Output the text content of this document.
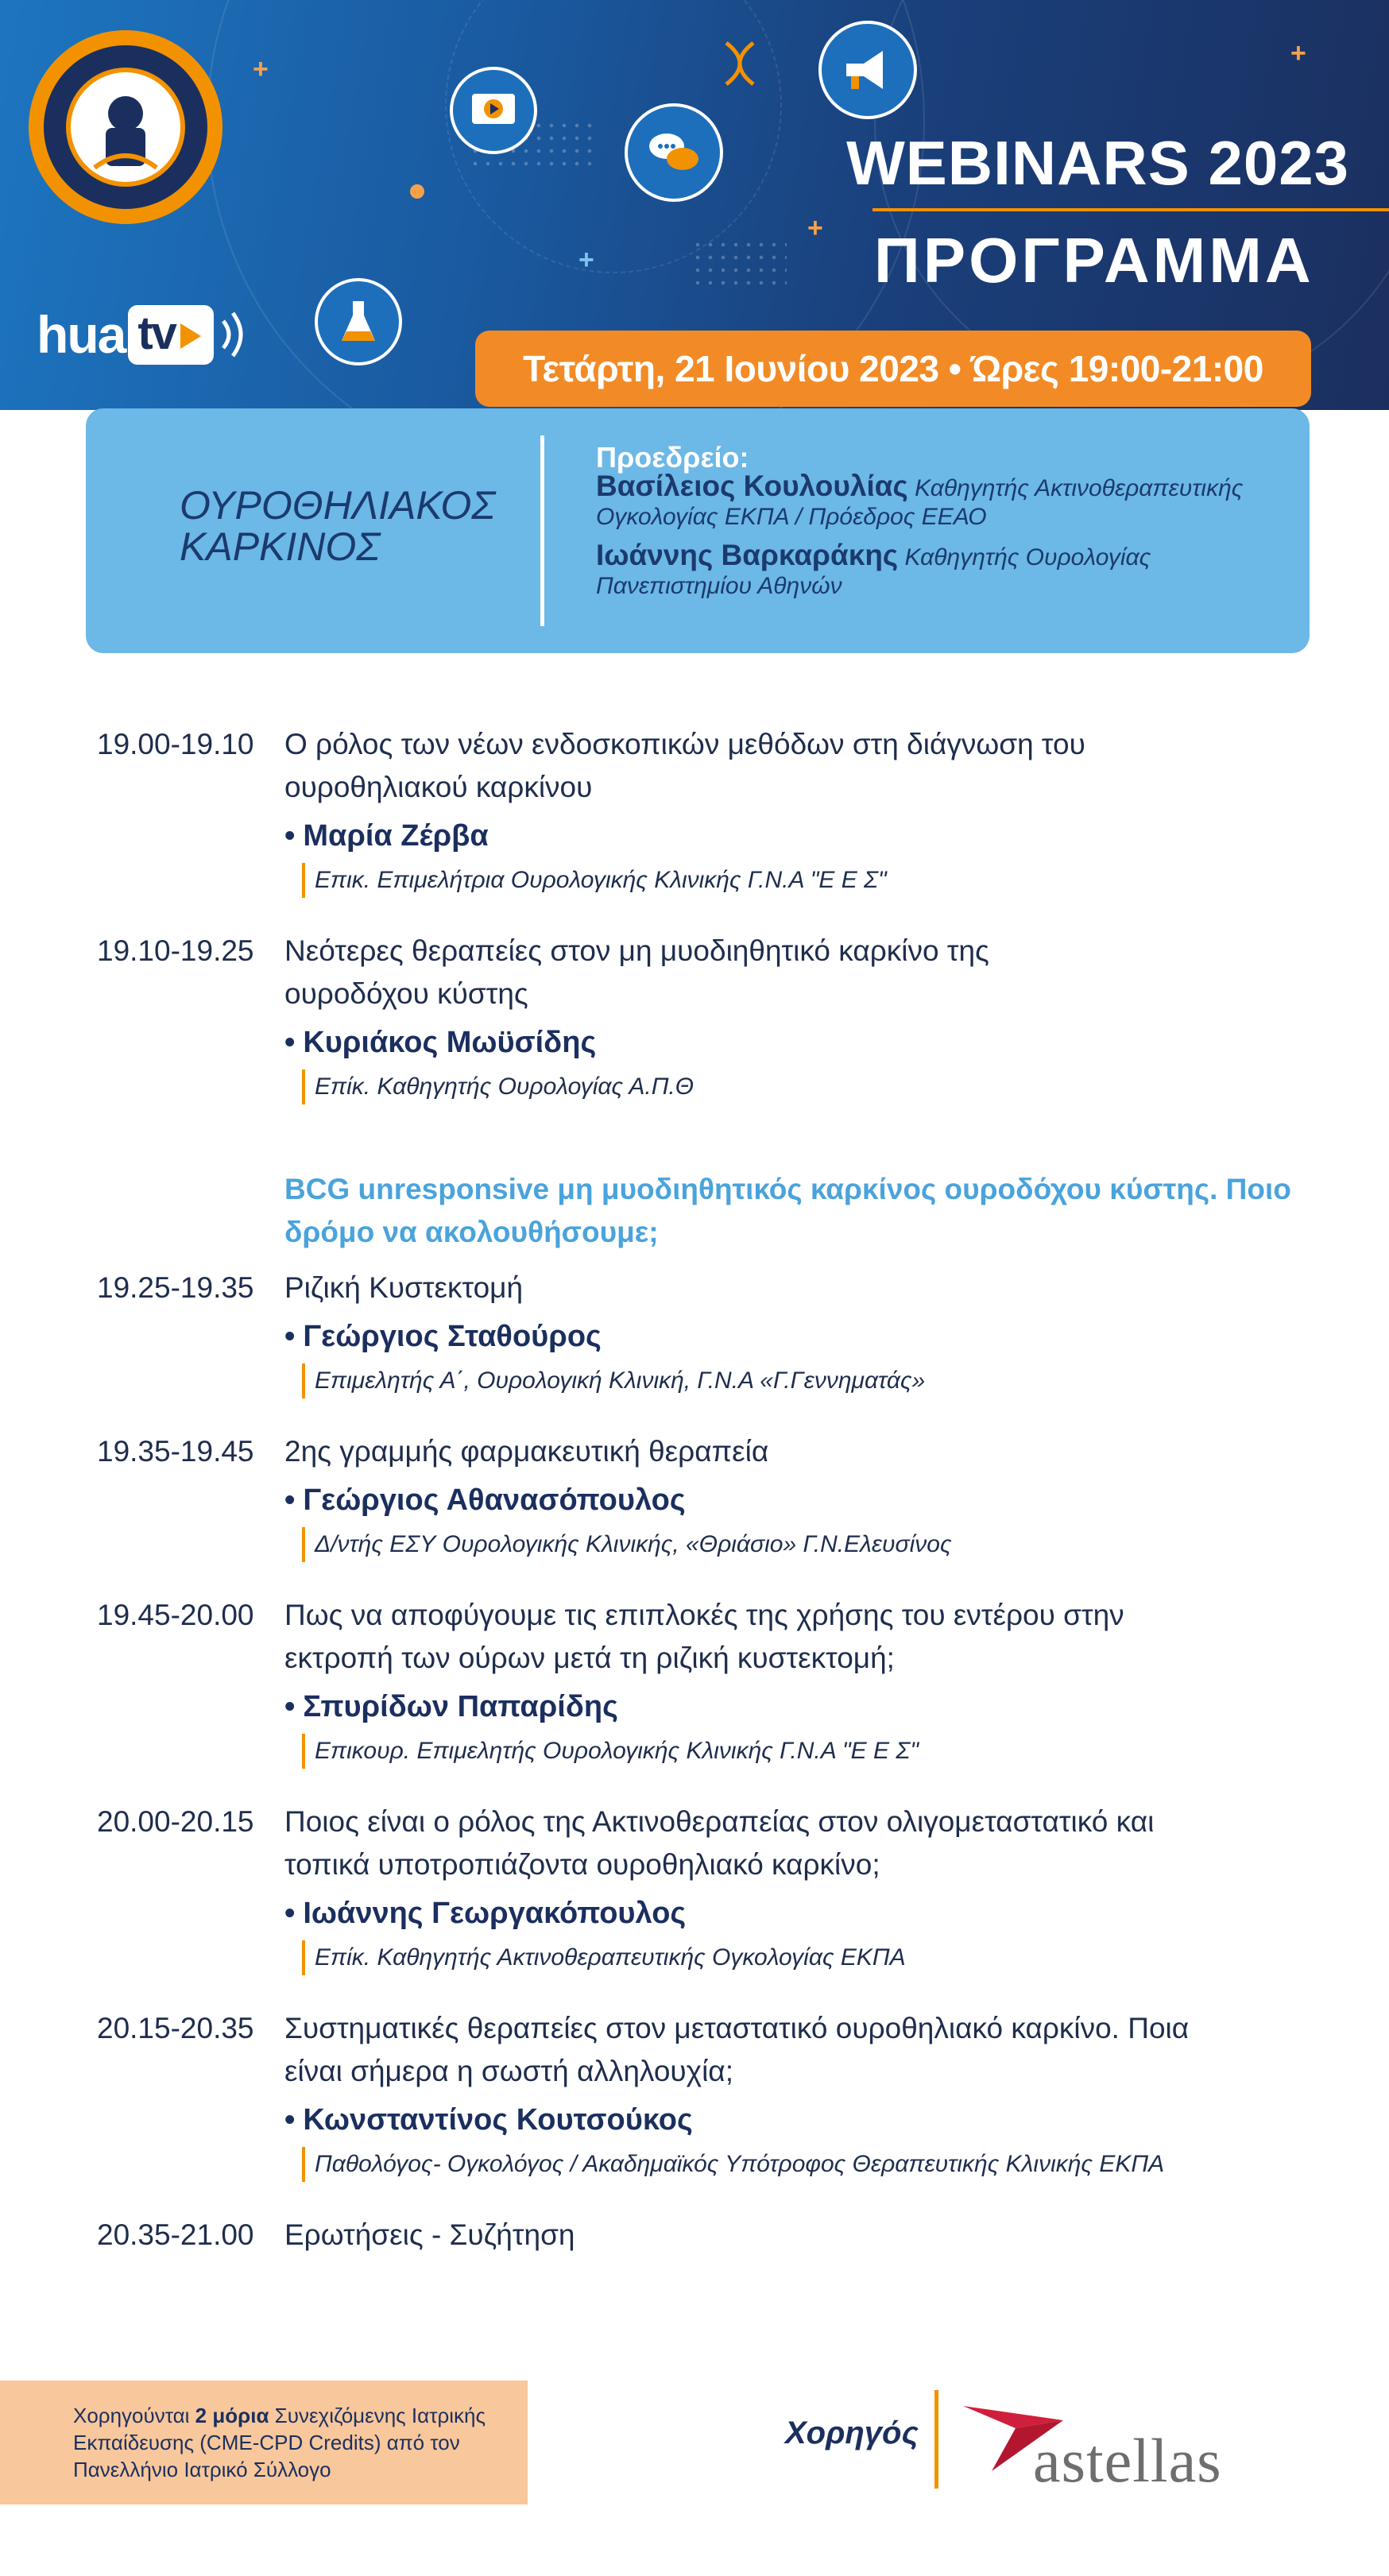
+
+
+
+
hua tv
WEBINARS 2023
ΠΡΟΓΡΑΜΜΑ
Τετάρτη, 21 Ιουνίου 2023 • Ώρες 19:00-21:00
ΟΥΡΟΘΗΛΙΑΚΟΣ
ΚΑΡΚΙΝΟΣ
Προεδρείο:
Βασίλειος Κουλουλίας Καθηγητής Ακτινοθεραπευτικής Ογκολογίας ΕΚΠΑ / Πρόεδρος ΕΕΑΟ
Ιωάννης Βαρκαράκης Καθηγητής Ουρολογίας Πανεπιστημίου Αθηνών
19.00-19.10 Ο ρόλος των νέων ενδοσκοπικών μεθόδων στη διάγνωση του ουροθηλιακού καρκίνου
• Μαρία Ζέρβα
Επικ. Επιμελήτρια Ουρολογικής Κλινικής Γ.Ν.Α "Ε Ε Σ"
19.10-19.25 Νεότερες θεραπείες στον μη μυοδιηθητικό καρκίνο της ουροδόχου κύστης
• Κυριάκος Μωϋσίδης
Επίκ. Καθηγητής Ουρολογίας Α.Π.Θ
BCG unresponsive μη μυοδιηθητικός καρκίνος ουροδόχου κύστης. Ποιο δρόμο να ακολουθήσουμε;
19.25-19.35 Ριζική Κυστεκτομή
• Γεώργιος Σταθούρος
Επιμελητής Α΄, Ουρολογική Κλινική, Γ.Ν.Α «Γ.Γεννηματάς»
19.35-19.45 2ης γραμμής φαρμακευτική θεραπεία
• Γεώργιος Αθανασόπουλος
Δ/ντής ΕΣΥ Ουρολογικής Κλινικής, «Θριάσιο» Γ.Ν.Ελευσίνος
19.45-20.00 Πως να αποφύγουμε τις επιπλοκές της χρήσης του εντέρου στην εκτροπή των ούρων μετά τη ριζική κυστεκτομή;
• Σπυρίδων Παπαρίδης
Επικουρ. Επιμελητής Ουρολογικής Κλινικής Γ.Ν.Α "Ε Ε Σ"
20.00-20.15 Ποιος είναι ο ρόλος της Ακτινοθεραπείας στον ολιγομεταστατικό και τοπικά υποτροπιάζοντα ουροθηλιακό καρκίνο;
• Ιωάννης Γεωργακόπουλος
Επίκ. Καθηγητής Ακτινοθεραπευτικής Ογκολογίας ΕΚΠΑ
20.15-20.35 Συστηματικές θεραπείες στον μεταστατικό ουροθηλιακό καρκίνο. Ποια είναι σήμερα η σωστή αλληλουχία;
• Κωνσταντίνος Κουτσούκος
Παθολόγος- Ογκολόγος / Ακαδημαϊκός Υπότροφος Θεραπευτικής Κλινικής ΕΚΠΑ
20.35-21.00 Ερωτήσεις - Συζήτηση
Χορηγούνται 2 μόρια Συνεχιζόμενης Ιατρικής Εκπαίδευσης (CME-CPD Credits) από τον Πανελλήνιο Ιατρικό Σύλλογο
Χορηγός astellas
